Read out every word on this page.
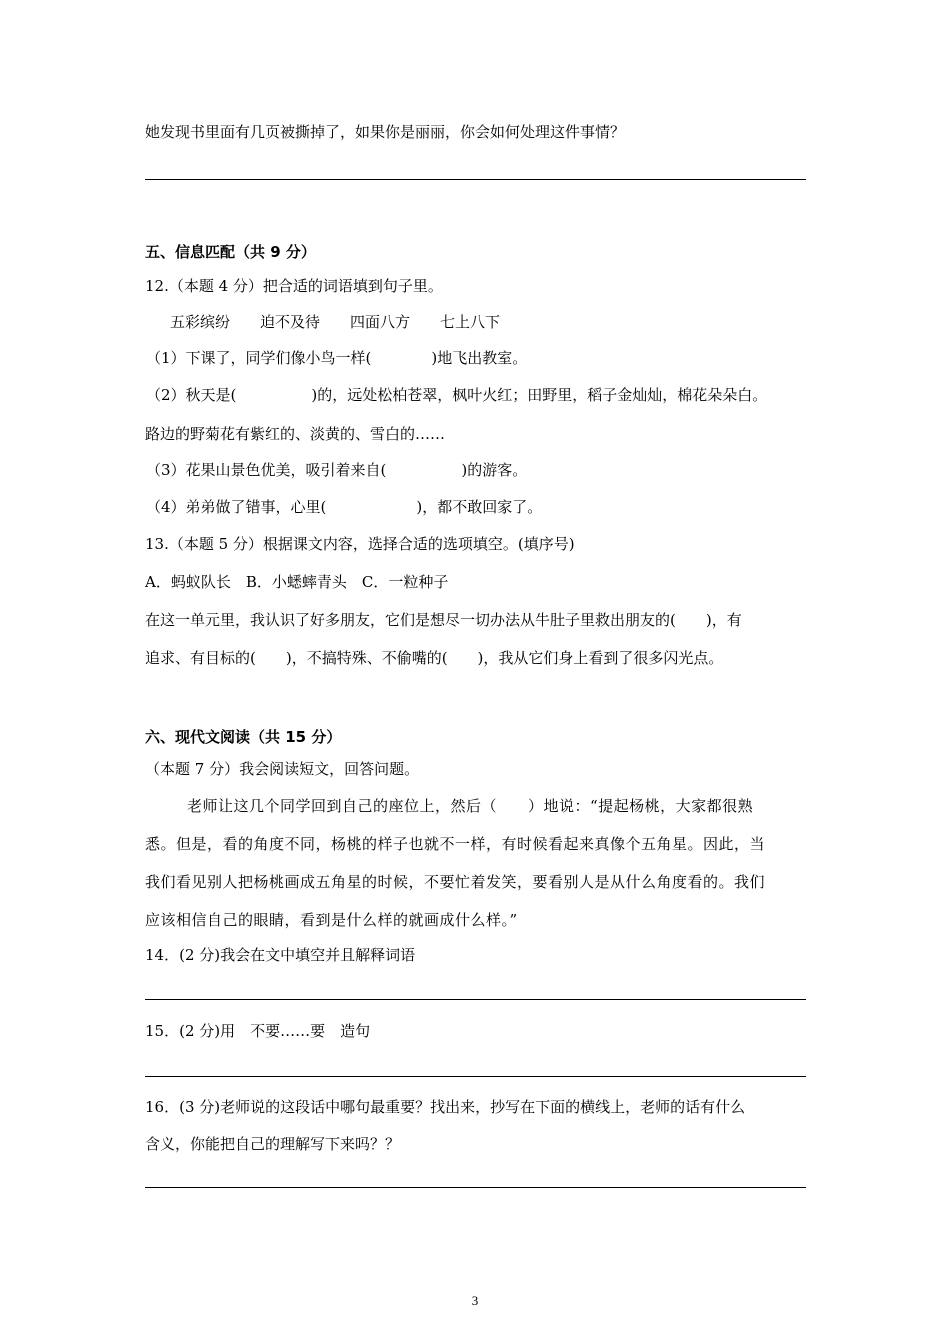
她发现书里面有几页被撕掉了，如果你是丽丽，你会如何处理这件事情？
五、信息匹配（共 9 分）
12.（本题 4 分）把合适的词语填到句子里。
五彩缤纷　　迫不及待　　四面八方　　七上八下
（1）下课了，同学们像小鸟一样(　　　　)地飞出教室。
（2）秋天是(　　　　　)的，远处松柏苍翠，枫叶火红；田野里，稻子金灿灿，棉花朵朵白。
路边的野菊花有紫红的、淡黄的、雪白的……
（3）花果山景色优美，吸引着来自(　　　　　)的游客。
（4）弟弟做了错事，心里(　　　　　　)，都不敢回家了。
13.（本题 5 分）根据课文内容，选择合适的选项填空。(填序号)
A．蚂蚁队长　B．小蟋蟀青头　C．一粒种子
在这一单元里，我认识了好多朋友，它们是想尽一切办法从牛肚子里救出朋友的(　　)，有
追求、有目标的(　　)，不搞特殊、不偷嘴的(　　)，我从它们身上看到了很多闪光点。
六、现代文阅读（共 15 分）
（本题 7 分）我会阅读短文，回答问题。
老师让这几个同学回到自己的座位上，然后（　　）地说：“提起杨桃，大家都很熟
悉。但是，看的角度不同，杨桃的样子也就不一样，有时候看起来真像个五角星。因此，当
我们看见别人把杨桃画成五角星的时候，不要忙着发笑，要看别人是从什么角度看的。我们
应该相信自己的眼睛，看到是什么样的就画成什么样。”
14．(2 分)我会在文中填空并且解释词语
15．(2 分)用　不要……要　造句
16．(3 分)老师说的这段话中哪句最重要？找出来，抄写在下面的横线上，老师的话有什么
含义，你能把自己的理解写下来吗？？
3
